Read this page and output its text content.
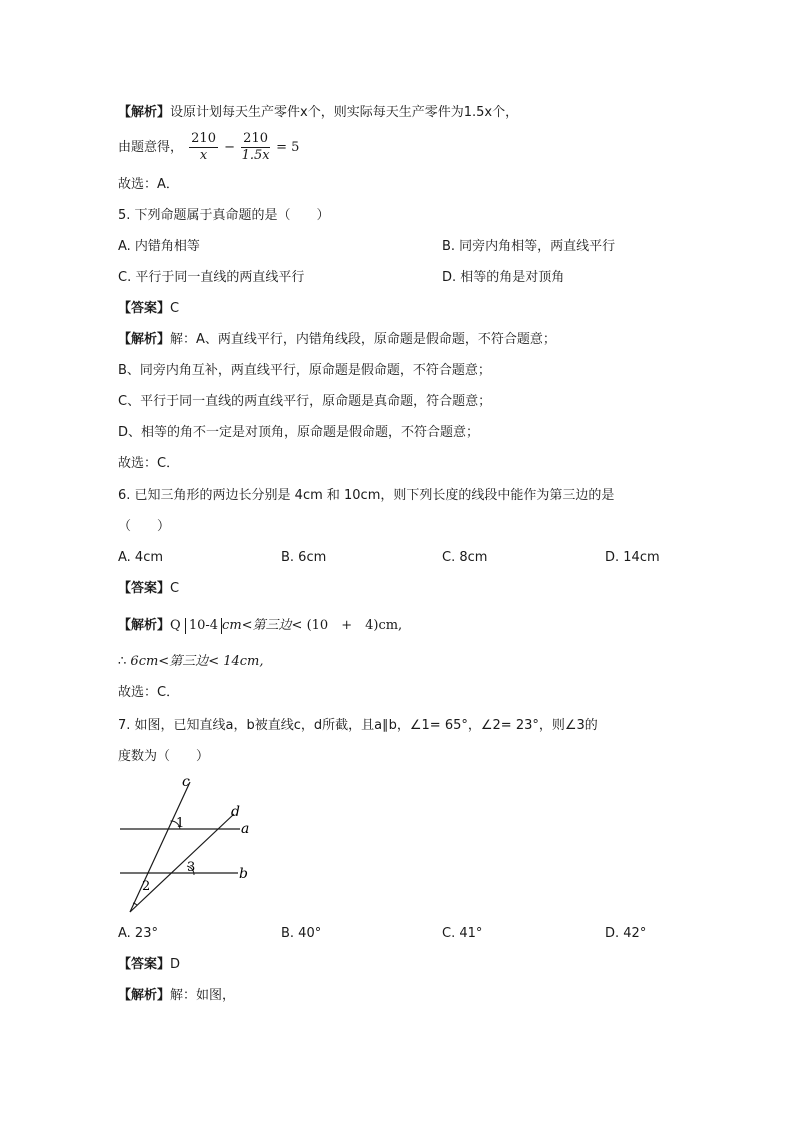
【解析】设原计划每天生产零件x个，则实际每天生产零件为1.5x个，
由题意得， $\frac{210}{x} - \frac{210}{1.5x} = 5$
故选：A．
5. 下列命题属于真命题的是（　　）
A. 内错角相等	B. 同旁内角相等，两直线平行
C. 平行于同一直线的两直线平行	D. 相等的角是对顶角
【答案】C
【解析】解：A、两直线平行，内错角线段，原命题是假命题，不符合题意；
B、同旁内角互补，两直线平行，原命题是假命题，不符合题意；
C、平行于同一直线的两直线平行，原命题是真命题，符合题意；
D、相等的角不一定是对顶角，原命题是假命题，不符合题意；
故选：C．
6. 已知三角形的两边长分别是 4cm 和 10cm，则下列长度的线段中能作为第三边的是
（　　）
A. 4cm	B. 6cm	C. 8cm	D. 14cm
【答案】C
【解析】Q 10-4 cm<第三边< (10　+　4)cm,
∴ 6cm<第三边< 14cm,
故选：C．
7. 如图，已知直线a，b被直线c，d所截，且a∥b，∠1= 65°，∠2= 23°，则∠3的
度数为（　　）
c
d
a
b
1
2
3
A. 23°	B. 40°	C. 41°	D. 42°
【答案】D
【解析】解：如图，
